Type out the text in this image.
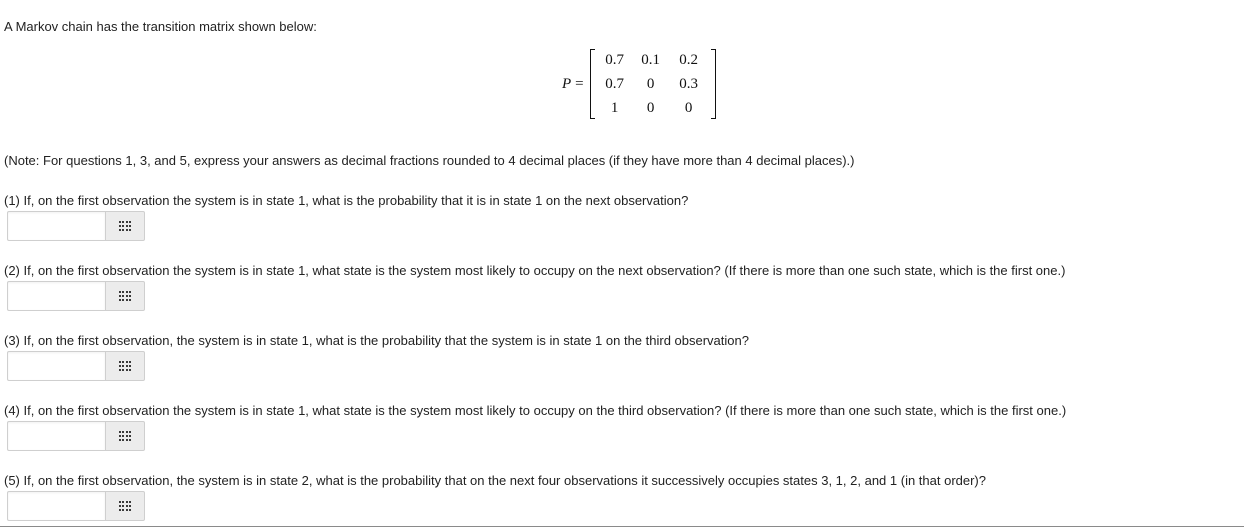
A Markov chain has the transition matrix shown below:
P =
0.7 0.1 0.2
0.7 0 0.3
1 0 0
(Note: For questions 1, 3, and 5, express your answers as decimal fractions rounded to 4 decimal places (if they have more than 4 decimal places).)
(1) If, on the first observation the system is in state 1, what is the probability that it is in state 1 on the next observation?
(2) If, on the first observation the system is in state 1, what state is the system most likely to occupy on the next observation? (If there is more than one such state, which is the first one.)
(3) If, on the first observation, the system is in state 1, what is the probability that the system is in state 1 on the third observation?
(4) If, on the first observation the system is in state 1, what state is the system most likely to occupy on the third observation? (If there is more than one such state, which is the first one.)
(5) If, on the first observation, the system is in state 2, what is the probability that on the next four observations it successively occupies states 3, 1, 2, and 1 (in that order)?
